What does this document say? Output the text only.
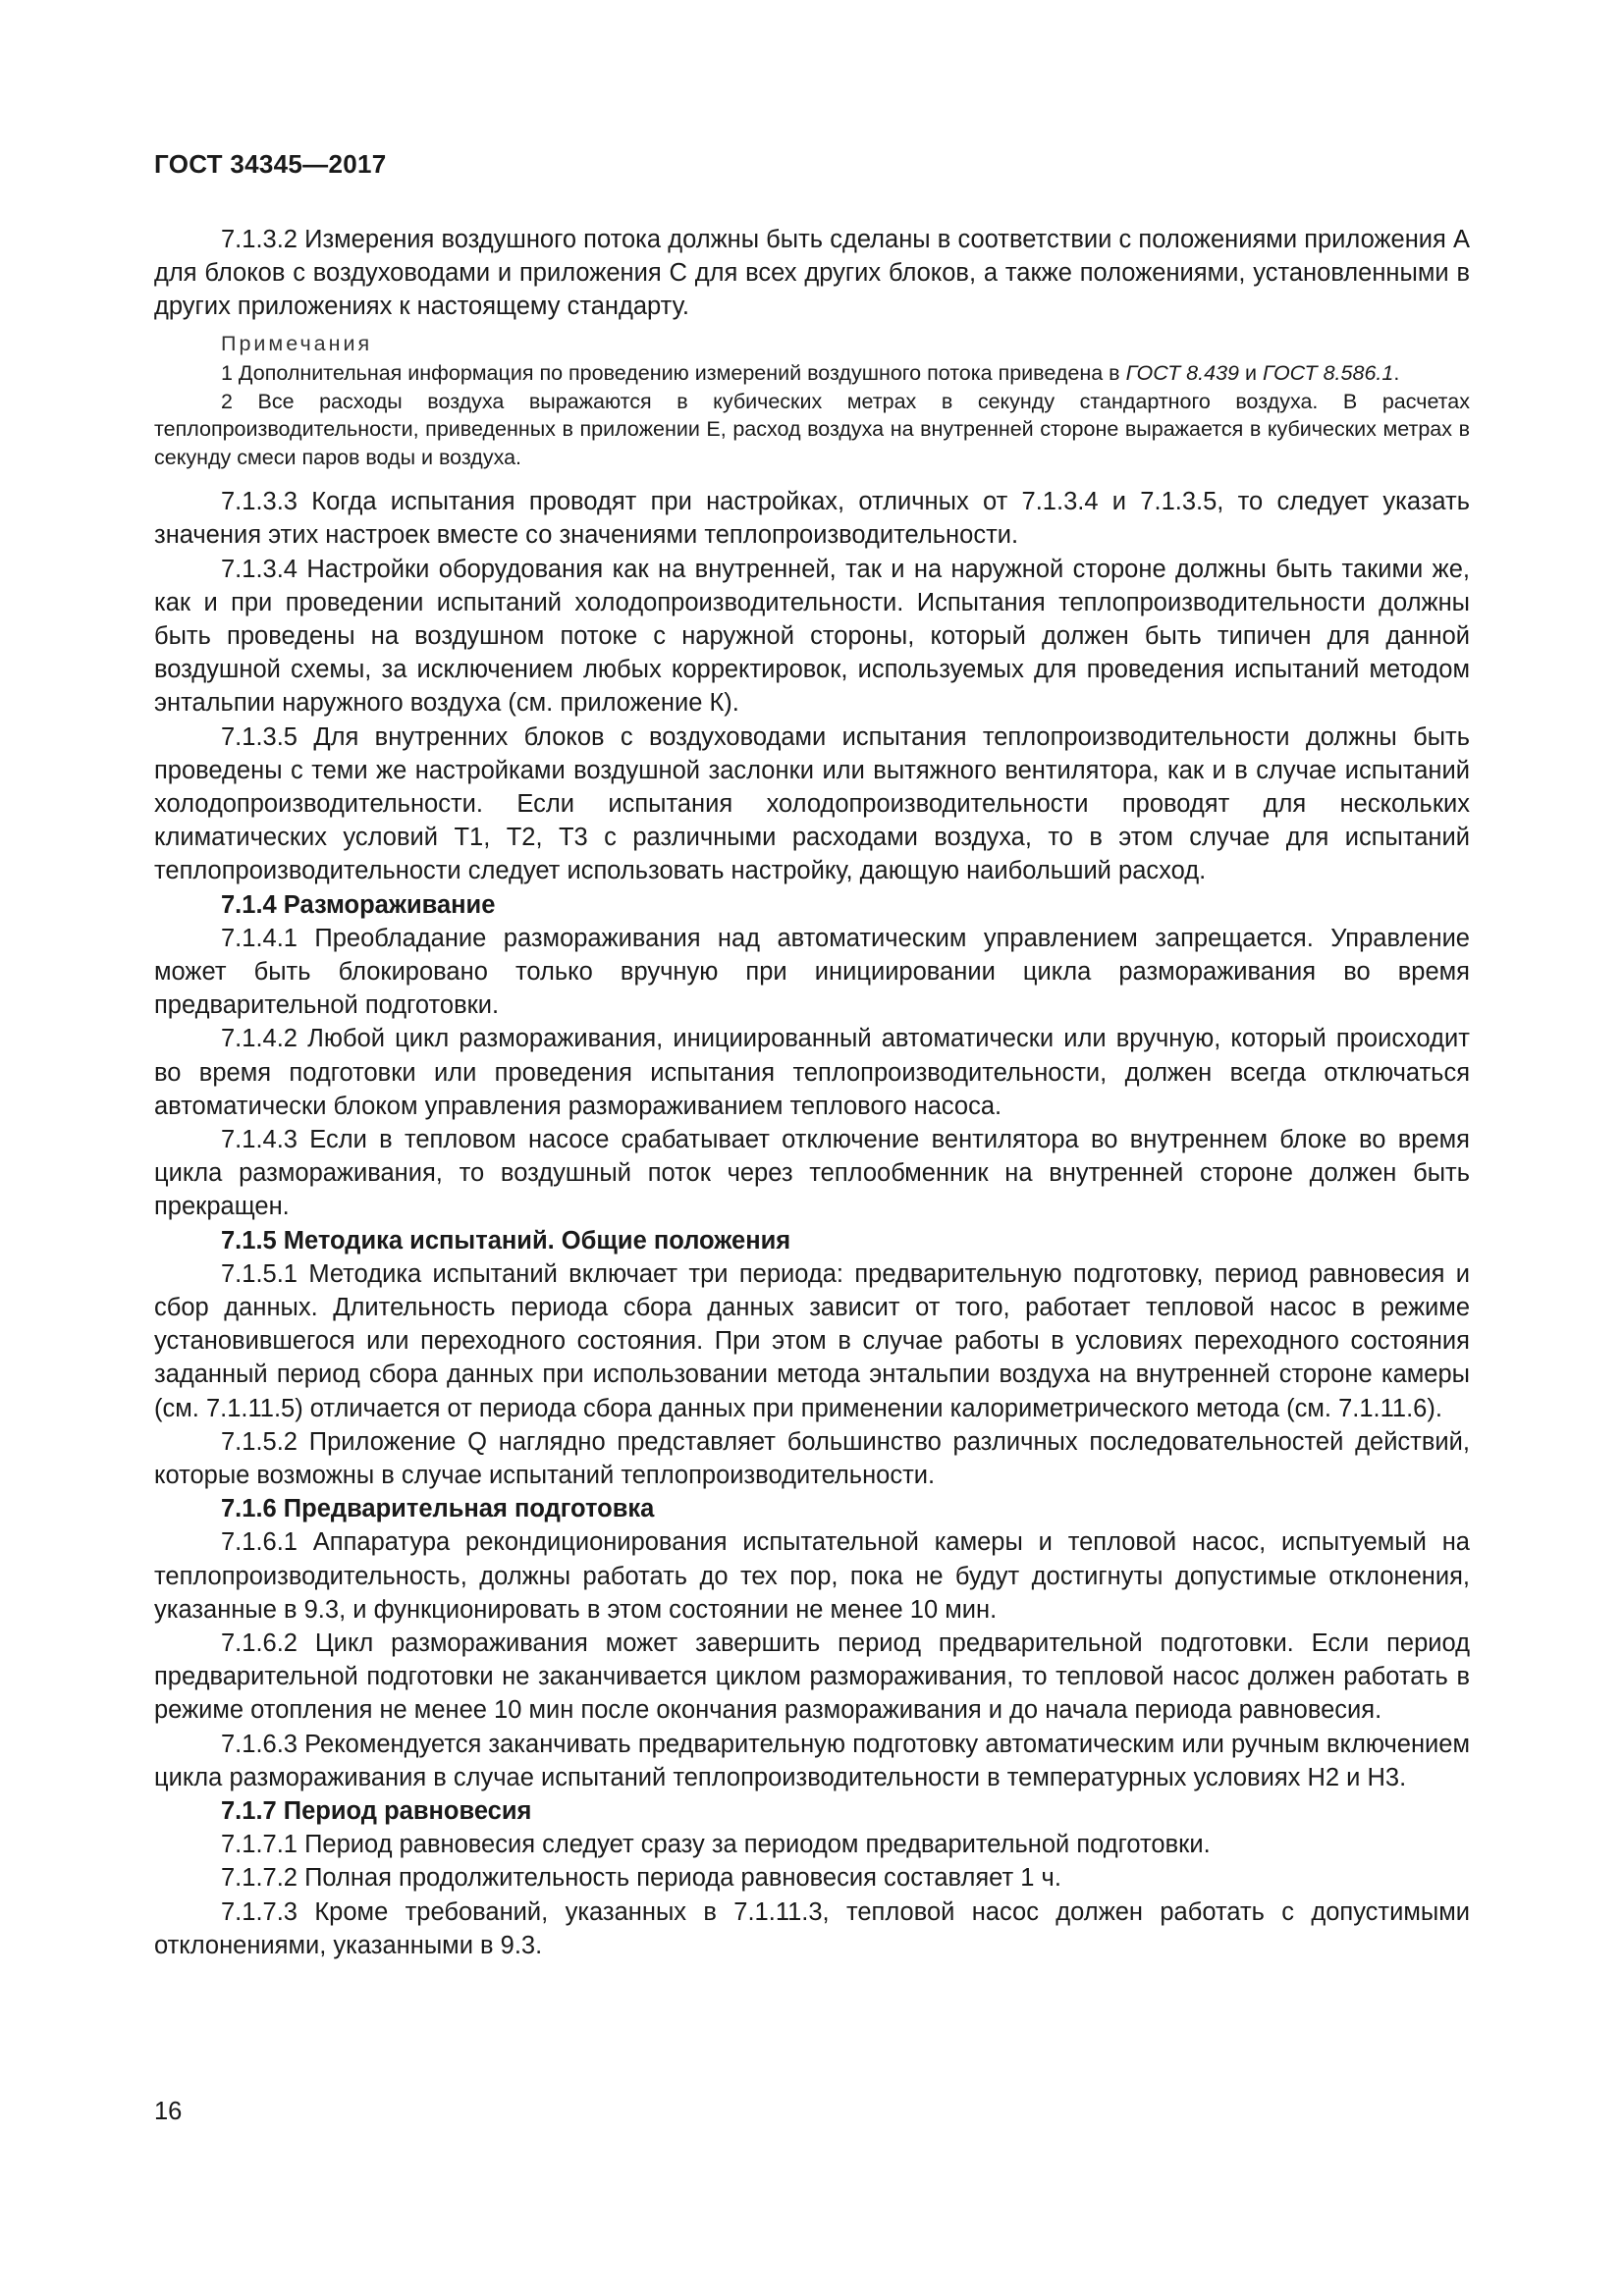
ГОСТ 34345—2017

7.1.3.2 Измерения воздушного потока должны быть сделаны в соответствии с положениями приложения А для блоков с воздуховодами и приложения С для всех других блоков, а также положениями, установленными в других приложениях к настоящему стандарту.

Примечания

1 Дополнительная информация по проведению измерений воздушного потока приведена в ГОСТ 8.439 и ГОСТ 8.586.1.

2 Все расходы воздуха выражаются в кубических метрах в секунду стандартного воздуха. В расчетах теплопроизводительности, приведенных в приложении Е, расход воздуха на внутренней стороне выражается в кубических метрах в секунду смеси паров воды и воздуха.

7.1.3.3 Когда испытания проводят при настройках, отличных от 7.1.3.4 и 7.1.3.5, то следует указать значения этих настроек вместе со значениями теплопроизводительности.

7.1.3.4 Настройки оборудования как на внутренней, так и на наружной стороне должны быть такими же, как и при проведении испытаний холодопроизводительности. Испытания теплопроизводительности должны быть проведены на воздушном потоке с наружной стороны, который должен быть типичен для данной воздушной схемы, за исключением любых корректировок, используемых для проведения испытаний методом энтальпии наружного воздуха (см. приложение К).

7.1.3.5 Для внутренних блоков с воздуховодами испытания теплопроизводительности должны быть проведены с теми же настройками воздушной заслонки или вытяжного вентилятора, как и в случае испытаний холодопроизводительности. Если испытания холодопроизводительности проводят для нескольких климатических условий Т1, Т2, Т3 с различными расходами воздуха, то в этом случае для испытаний теплопроизводительности следует использовать настройку, дающую наибольший расход.

7.1.4 Размораживание

7.1.4.1 Преобладание размораживания над автоматическим управлением запрещается. Управление может быть блокировано только вручную при инициировании цикла размораживания во время предварительной подготовки.

7.1.4.2 Любой цикл размораживания, инициированный автоматически или вручную, который происходит во время подготовки или проведения испытания теплопроизводительности, должен всегда отключаться автоматически блоком управления размораживанием теплового насоса.

7.1.4.3 Если в тепловом насосе срабатывает отключение вентилятора во внутреннем блоке во время цикла размораживания, то воздушный поток через теплообменник на внутренней стороне должен быть прекращен.

7.1.5 Методика испытаний. Общие положения

7.1.5.1 Методика испытаний включает три периода: предварительную подготовку, период равновесия и сбор данных. Длительность периода сбора данных зависит от того, работает тепловой насос в режиме установившегося или переходного состояния. При этом в случае работы в условиях переходного состояния заданный период сбора данных при использовании метода энтальпии воздуха на внутренней стороне камеры (см. 7.1.11.5) отличается от периода сбора данных при применении калориметрического метода (см. 7.1.11.6).

7.1.5.2 Приложение Q наглядно представляет большинство различных последовательностей действий, которые возможны в случае испытаний теплопроизводительности.

7.1.6 Предварительная подготовка

7.1.6.1 Аппаратура рекондиционирования испытательной камеры и тепловой насос, испытуемый на теплопроизводительность, должны работать до тех пор, пока не будут достигнуты допустимые отклонения, указанные в 9.3, и функционировать в этом состоянии не менее 10 мин.

7.1.6.2 Цикл размораживания может завершить период предварительной подготовки. Если период предварительной подготовки не заканчивается циклом размораживания, то тепловой насос должен работать в режиме отопления не менее 10 мин после окончания размораживания и до начала периода равновесия.

7.1.6.3 Рекомендуется заканчивать предварительную подготовку автоматическим или ручным включением цикла размораживания в случае испытаний теплопроизводительности в температурных условиях Н2 и Н3.

7.1.7 Период равновесия

7.1.7.1 Период равновесия следует сразу за периодом предварительной подготовки.

7.1.7.2 Полная продолжительность периода равновесия составляет 1 ч.

7.1.7.3 Кроме требований, указанных в 7.1.11.3, тепловой насос должен работать с допустимыми отклонениями, указанными в 9.3.

16
